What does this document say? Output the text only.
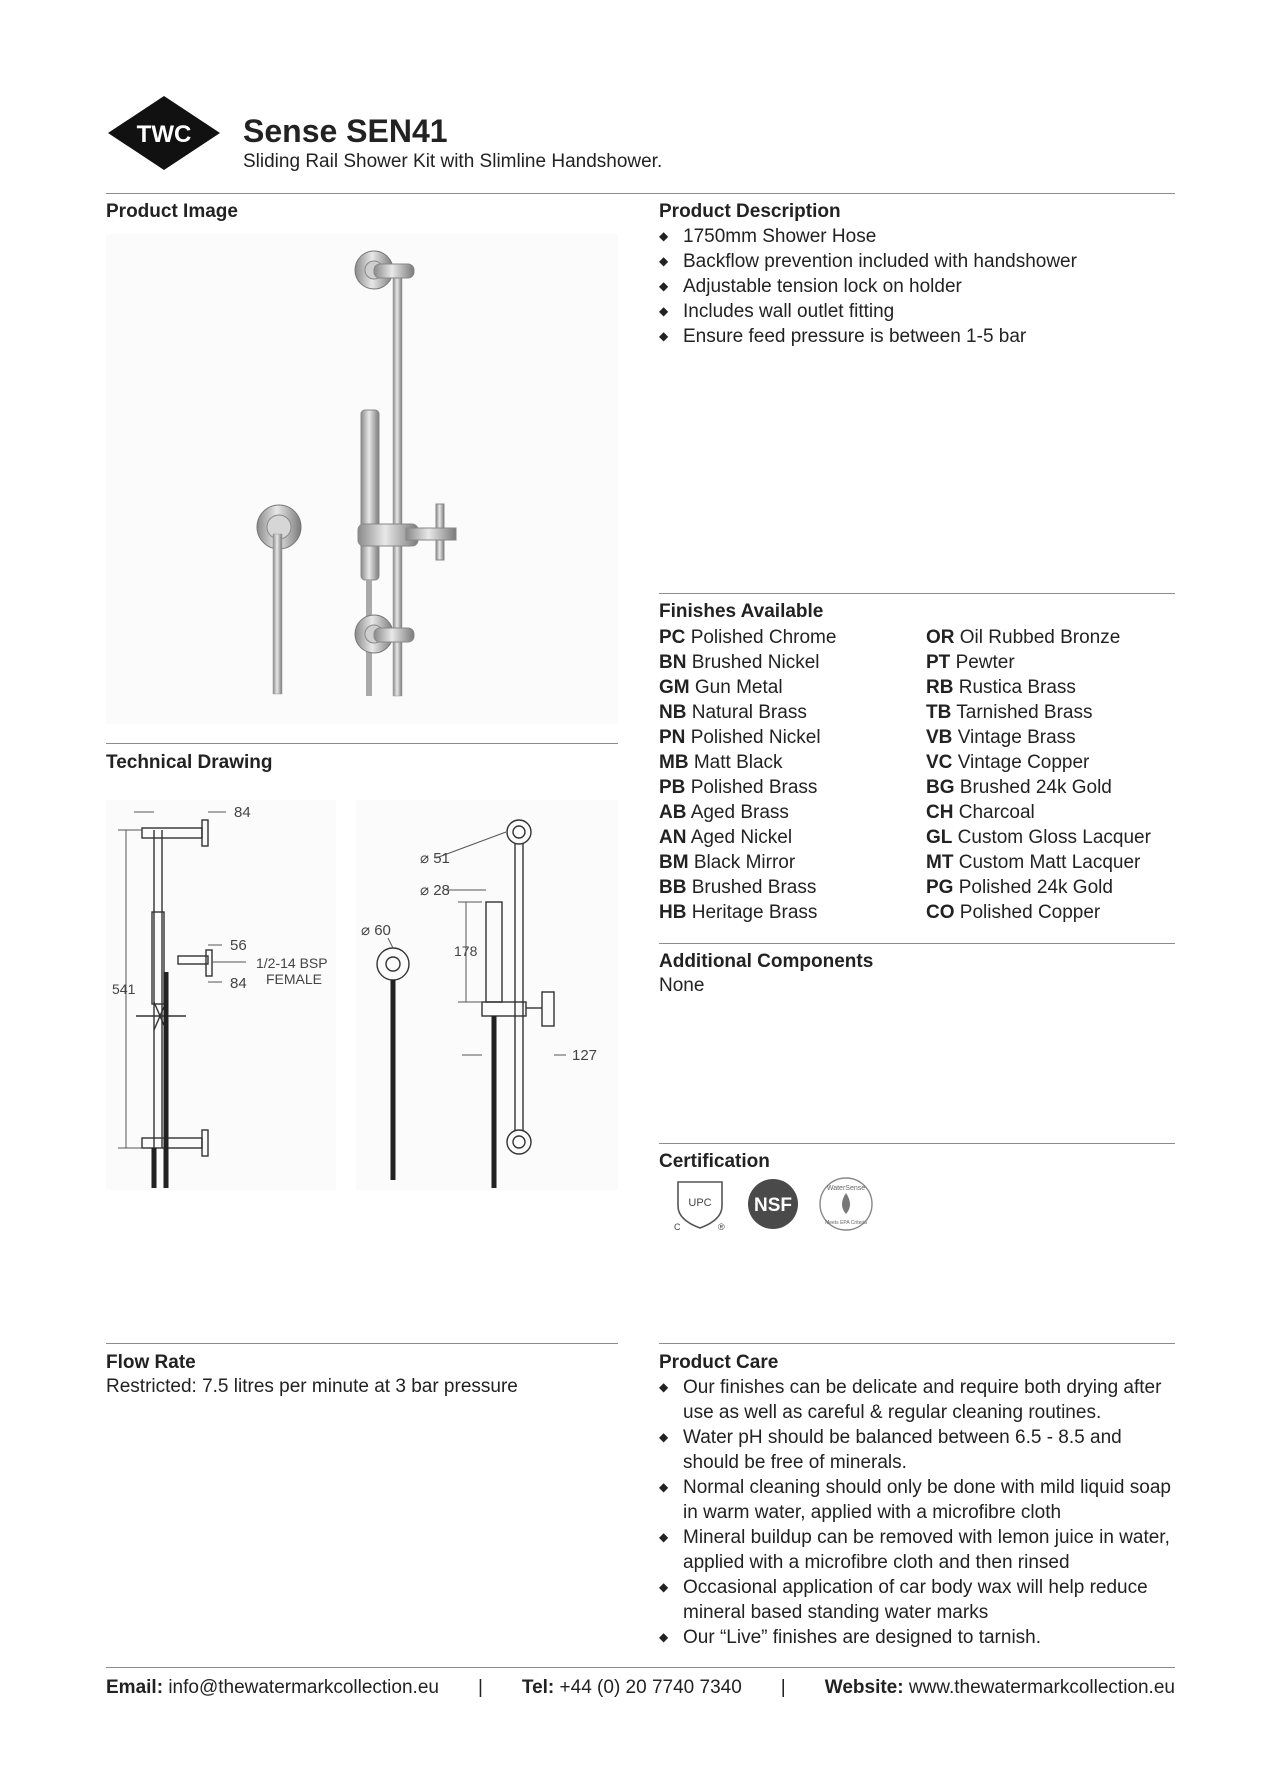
TWC Sense SEN41
Sliding Rail Shower Kit with Slimline Handshower.
Product Image	Product Description
◆ 1750mm Shower Hose
◆ Backflow prevention included with handshower
◆ Adjustable tension lock on holder
◆ Includes wall outlet fitting
◆ Ensure feed pressure is between 1-5 bar
Finishes Available
PC Polished Chrome
BN Brushed Nickel
GM Gun Metal
NB Natural Brass
PN Polished Nickel
MB Matt Black
PB Polished Brass
AB Aged Brass
AN Aged Nickel
BM Black Mirror
BB Brushed Brass
HB Heritage Brass
OR Oil Rubbed Bronze
PT Pewter
RB Rustica Brass
TB Tarnished Brass
VB Vintage Brass
VC Vintage Copper
BG Brushed 24k Gold
CH Charcoal
GL Custom Gloss Lacquer
MT Custom Matt Lacquer
PG Polished 24k Gold
CO Polished Copper
Technical Drawing
84
541
56
1/2-14 BSP
FEMALE
84
⌀ 51
⌀ 28
⌀ 60
178
127
Additional Components
None
Certification
UPC
C	®
NSF
WaterSense
Meets EPA Criteria
Flow Rate
Restricted: 7.5 litres per minute at 3 bar pressure
Product Care
◆ Our finishes can be delicate and require both drying after use as well as careful & regular cleaning routines.
◆ Water pH should be balanced between 6.5 - 8.5 and should be free of minerals.
◆ Normal cleaning should only be done with mild liquid soap in warm water, applied with a microfibre cloth
◆ Mineral buildup can be removed with lemon juice in water, applied with a microfibre cloth and then rinsed
◆ Occasional application of car body wax will help reduce mineral based standing water marks
◆ Our “Live” finishes are designed to tarnish.
Email: info@thewatermarkcollection.eu | Tel: +44 (0) 20 7740 7340 | Website: www.thewatermarkcollection.eu
